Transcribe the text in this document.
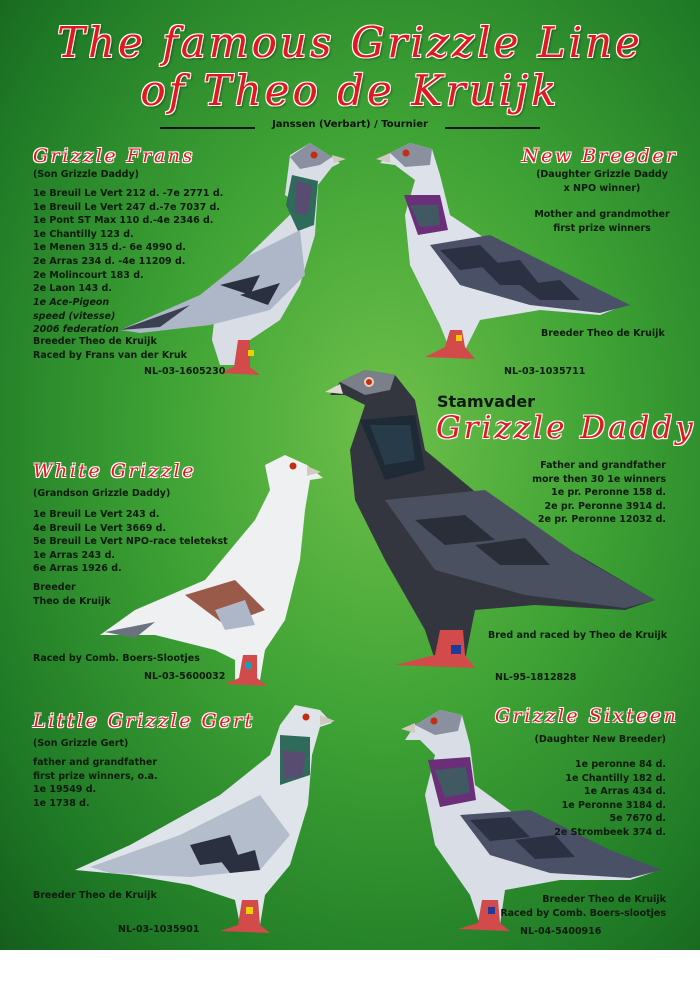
The famous Grizzle Line
of Theo de Kruijk
Janssen (Verbart) / Tournier
Grizzle Frans
(Son Grizzle Daddy)
1e Breuil Le Vert 212 d. -7e 2771 d.
1e Breuil Le Vert 247 d.-7e 7037 d.
1e Pont ST Max 110 d.-4e 2346 d.
1e Chantilly 123 d.
1e Menen 315 d.- 6e 4990 d.
2e Arras 234 d. -4e 11209 d.
2e Molincourt 183 d.
2e Laon 143 d.
1e Ace-Pigeon
speed (vitesse)
2006 federation
Breeder Theo de Kruijk
Raced by Frans van der Kruk
NL-03-1605230
New Breeder
(Daughter Grizzle Daddy
x NPO winner)
Mother and grandmother
first prize winners
Breeder Theo de Kruijk
NL-03-1035711
Stamvader
Grizzle Daddy
Father and grandfather
more then 30 1e winners
1e pr. Peronne 158 d.
2e pr. Peronne 3914 d.
2e pr. Peronne 12032 d.
Bred and raced by Theo de Kruijk
NL-95-1812828
White Grizzle
(Grandson Grizzle Daddy)
1e Breuil Le Vert 243 d.
4e Breuil Le Vert 3669 d.
5e Breuil Le Vert NPO-race teletekst
1e Arras 243 d.
6e Arras 1926 d.
Breeder
Theo de Kruijk
Raced by Comb. Boers-Slootjes
NL-03-5600032
Little Grizzle Gert
(Son Grizzle Gert)
father and grandfather
first prize winners, o.a.
1e 19549 d.
1e 1738 d.
Breeder Theo de Kruijk
NL-03-1035901
Grizzle Sixteen
(Daughter New Breeder)
1e peronne 84 d.
1e Chantilly 182 d.
1e Arras 434 d.
1e Peronne 3184 d.
5e 7670 d.
2e Strombeek 374 d.
Breeder Theo de Kruijk
Raced by Comb. Boers-slootjes
NL-04-5400916
